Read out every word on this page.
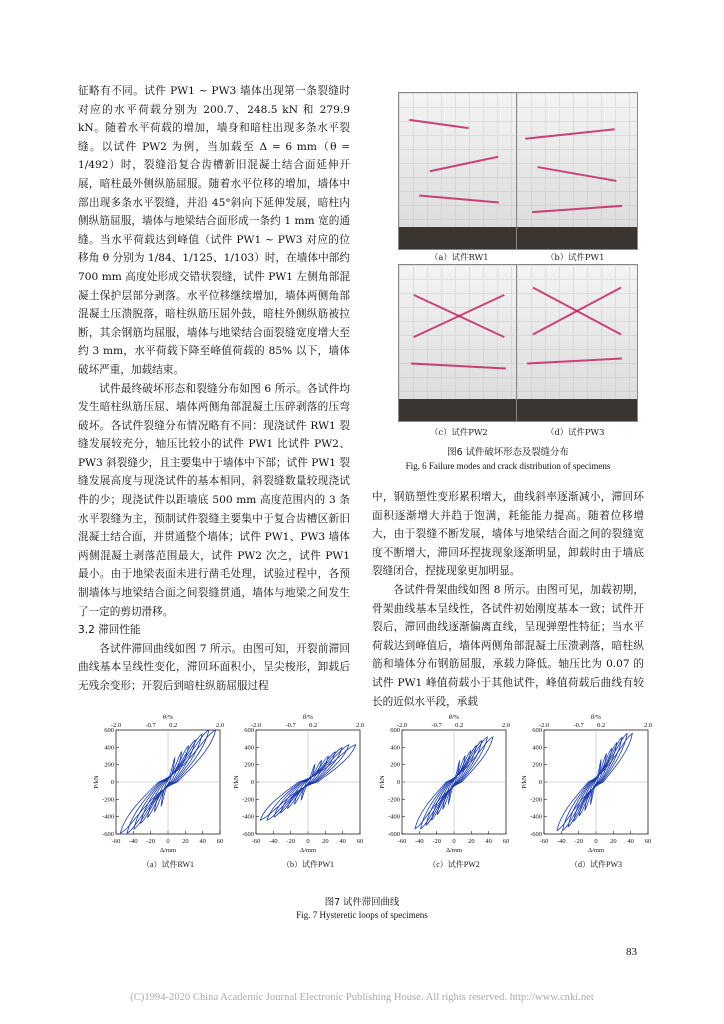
征略有不同。试件 PW1 ~ PW3 墙体出现第一条裂缝时对应的水平荷载分别为 200.7、248.5 kN 和 279.9 kN。随着水平荷载的增加，墙身和暗柱出现多条水平裂缝。以试件 PW2 为例，当加载至 Δ = 6 mm（θ = 1/492）时，裂缝沿复合齿槽新旧混凝土结合面延伸开展，暗柱最外侧纵筋屈服。随着水平位移的增加，墙体中部出现多条水平裂缝，并沿 45°斜向下延伸发展，暗柱内侧纵筋屈服，墙体与地梁结合面形成一条约 1 mm 宽的通缝。当水平荷载达到峰值（试件 PW1 ~ PW3 对应的位移角 θ 分别为 1/84、1/125、1/103）时，在墙体中部约 700 mm 高度处形成交错状裂缝，试件 PW1 左侧角部混凝土保护层部分剥落。水平位移继续增加，墙体两侧角部混凝土压溃脱落，暗柱纵筋压屈外鼓，暗柱外侧纵筋被拉断，其余钢筋均屈服，墙体与地梁结合面裂缝宽度增大至约 3 mm，水平荷载下降至峰值荷载的 85% 以下，墙体破坏严重，加载结束。

试件最终破坏形态和裂缝分布如图 6 所示。各试件均发生暗柱纵筋压屈、墙体两侧角部混凝土压碎剥落的压弯破坏。各试件裂缝分布情况略有不同：现浇试件 RW1 裂缝发展较充分，轴压比较小的试件 PW1 比试件 PW2、PW3 斜裂缝少，且主要集中于墙体中下部；试件 PW1 裂缝发展高度与现浇试件的基本相同，斜裂缝数量较现浇试件的少；现浇试件以距墙底 500 mm 高度范围内的 3 条水平裂缝为主，预制试件裂缝主要集中于复合齿槽区新旧混凝土结合面，并贯通整个墙体；试件 PW1、PW3 墙体两侧混凝土剥落范围最大，试件 PW2 次之，试件 PW1 最小。由于地梁表面未进行凿毛处理，试验过程中，各预制墙体与地梁结合面之间裂缝贯通，墙体与地梁之间发生了一定的剪切滑移。

3.2 滞回性能

各试件滞回曲线如图 7 所示。由图可知，开裂前滞回曲线基本呈线性变化，滞回环面积小，呈尖梭形，卸载后无残余变形；开裂后到暗柱纵筋屈服过程

（a）试件RW1	（b）试件PW1
（c）试件PW2	（d）试件PW3
图6 试件破坏形态及裂缝分布
Fig. 6 Failure modes and crack distribution of specimens

中，钢筋塑性变形累积增大，曲线斜率逐渐减小，滞回环面积逐渐增大并趋于饱满，耗能能力提高。随着位移增大，由于裂缝不断发展，墙体与地梁结合面之间的裂缝宽度不断增大，滞回环捏拢现象逐渐明显，卸载时由于墙底裂缝闭合，捏拢现象更加明显。

各试件骨架曲线如图 8 所示。由图可见，加载初期，骨架曲线基本呈线性，各试件初始刚度基本一致；试件开裂后，滞回曲线逐渐偏离直线，呈现弹塑性特征；当水平荷载达到峰值后，墙体两侧角部混凝土压溃剥落，暗柱纵筋和墙体分布钢筋屈服，承载力降低。轴压比为 0.07 的试件 PW1 峰值荷载小于其他试件，峰值荷载后曲线有较长的近似水平段，承载

-60 -40 -20 0 20 40 60
-600
-400
-200
0
200
400
600
-2.0	-0.7 0.2	2.0
θ/%
Δ/mm
P/kN
（a）试件RW1
-60 -40 -20 0 20 40 60
-600
-400
-200
0
200
400
600
-2.0	-0.7 0.2	2.0
θ/%
Δ/mm
P/kN
（b）试件PW1
-60 -40 -20 0 20 40 60
-600
-400
-200
0
200
400
600
-2.0	-0.7 0.2	2.0
θ/%
Δ/mm
P/kN
（c）试件PW2
-60 -40 -20 0 20 40 60
-600
-400
-200
0
200
400
600
-2.0	-0.7 0.2	2.0
θ/%
Δ/mm
P/kN
（d）试件PW3
图7 试件滞回曲线
Fig. 7 Hysteretic loops of specimens
83
(C)1994-2020 China Academic Journal Electronic Publishing House. All rights reserved. http://www.cnki.net
